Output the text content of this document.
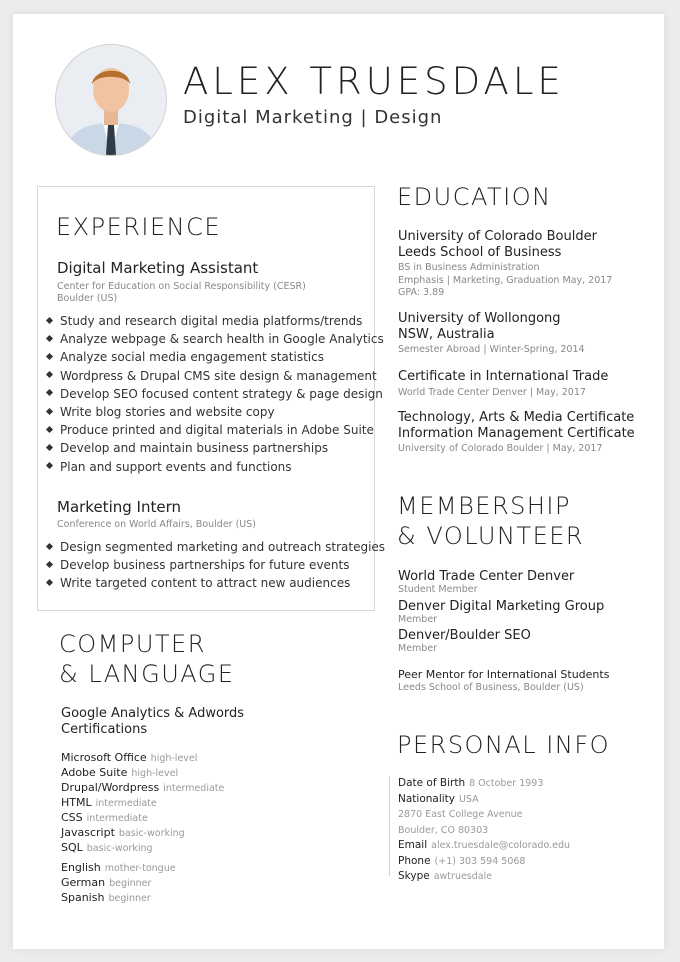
ALEX TRUESDALE
Digital Marketing | Design
EXPERIENCE
Digital Marketing Assistant
Center for Education on Social Responsibility (CESR)
Boulder (US)
Study and research digital media platforms/trends
Analyze webpage & search health in Google Analytics
Analyze social media engagement statistics
Wordpress & Drupal CMS site design & management
Develop SEO focused content strategy & page design
Write blog stories and website copy
Produce printed and digital materials in Adobe Suite
Develop and maintain business partnerships
Plan and support events and functions
Marketing Intern
Conference on World Affairs, Boulder (US)
Design segmented marketing and outreach strategies
Develop business partnerships for future events
Write targeted content to attract new audiences
COMPUTER
& LANGUAGE
Google Analytics & Adwords Certifications
Microsoft Office high-level
Adobe Suite high-level
Drupal/Wordpress intermediate
HTML intermediate
CSS intermediate
Javascript basic-working
SQL basic-working
English mother-tongue
German beginner
Spanish beginner
EDUCATION
University of Colorado Boulder
Leeds School of Business
BS in Business Administration
Emphasis | Marketing, Graduation May, 2017
GPA: 3.89
University of Wollongong
NSW, Australia
Semester Abroad | Winter-Spring, 2014
Certificate in International Trade
World Trade Center Denver | May, 2017
Technology, Arts & Media Certificate
Information Management Certificate
University of Colorado Boulder | May, 2017
MEMBERSHIP
& VOLUNTEER
World Trade Center Denver
Student Member
Denver Digital Marketing Group
Member
Denver/Boulder SEO
Member
Peer Mentor for International Students
Leeds School of Business, Boulder (US)
PERSONAL INFO
Date of Birth 8 October 1993
Nationality USA
2870 East College Avenue
Boulder, CO 80303
Email alex.truesdale@colorado.edu
Phone (+1) 303 594 5068
Skype awtruesdale
